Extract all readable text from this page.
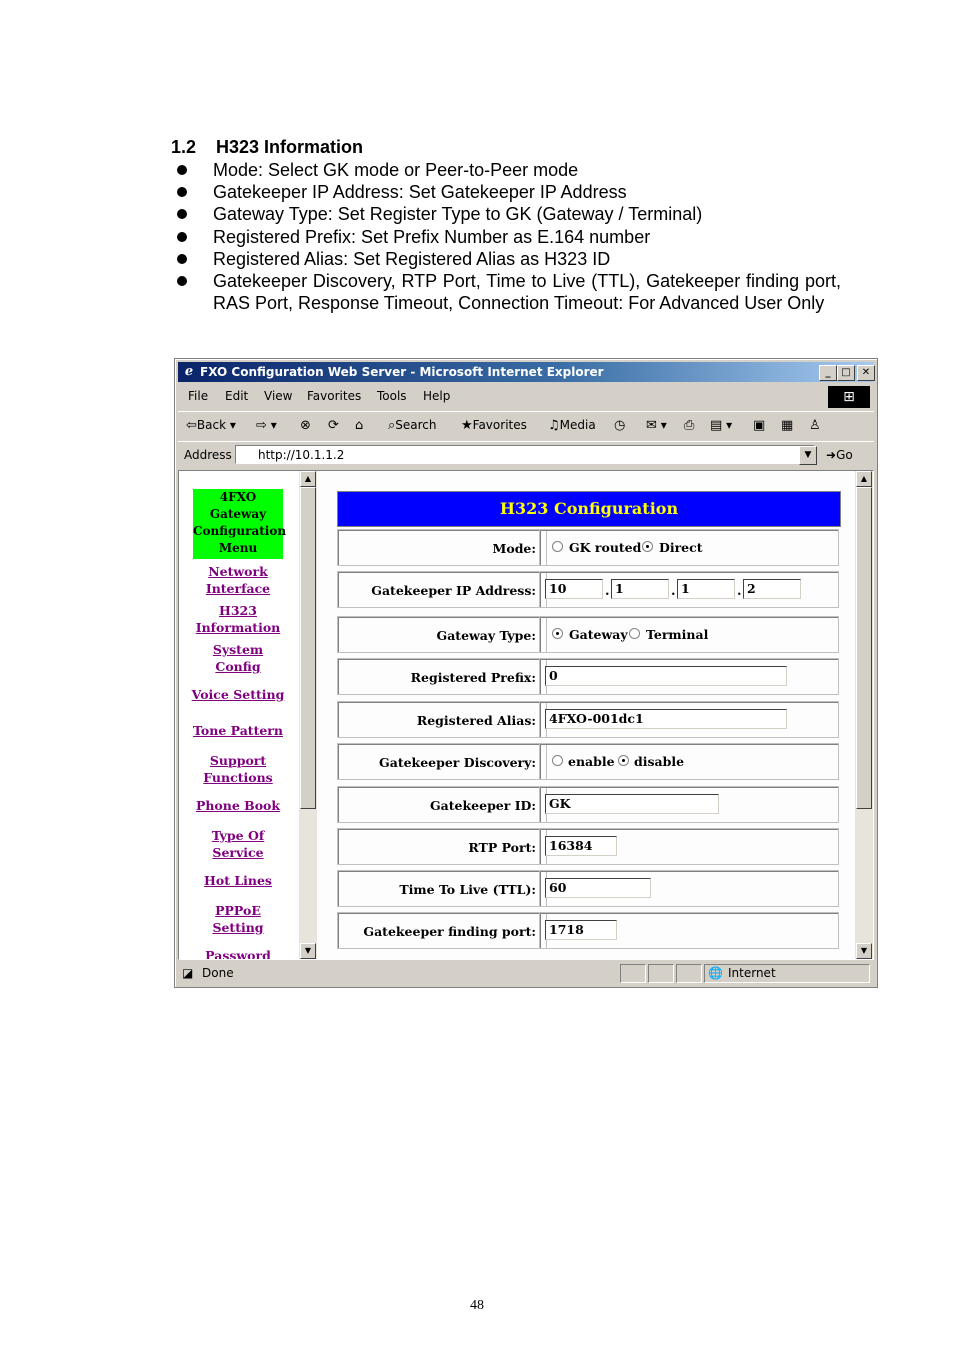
1.2 H323 Information
Mode: Select GK mode or Peer-to-Peer mode
Gatekeeper IP Address: Set Gatekeeper IP Address
Gateway Type: Set Register Type to GK (Gateway / Terminal)
Registered Prefix: Set Prefix Number as E.164 number
Registered Alias: Set Registered Alias as H323 ID
Gatekeeper Discovery, RTP Port, Time to Live (TTL), Gatekeeper finding port, RAS Port, Response Timeout, Connection Timeout: For Advanced User Only
ℯ FXO Configuration Web Server - Microsoft Internet Explorer	_	□	✕
File Edit View Favorites Tools Help	⊞
⇦Back ▾ ⇨ ▾ ⊗ ⟳ ⌂ ⌕Search ★Favorites ♫Media ◷ ✉ ▾ ⎙ ▤ ▾ ▣ ▦ ♙
Address	http://10.1.1.2	▼	➜Go
4FXO
Gateway
Configuration
Menu
Network
Interface
H323
Information
System
Config
Voice Setting
Tone Pattern
Support
Functions
Phone Book
Type Of
Service
Hot Lines
PPPoE
Setting
Password
▲
▼
H323 Configuration
Mode:	GK routed Direct
Gatekeeper IP Address:	10	. 1	. 1	. 2
Gateway Type:	Gateway Terminal
Registered Prefix:	0
Registered Alias:	4FXO-001dc1
Gatekeeper Discovery:	enable disable
Gatekeeper ID:	GK
RTP Port:	16384
Time To Live (TTL):	60
Gatekeeper finding port:	1718
▲
▼
◪ Done	🌐 Internet
48
